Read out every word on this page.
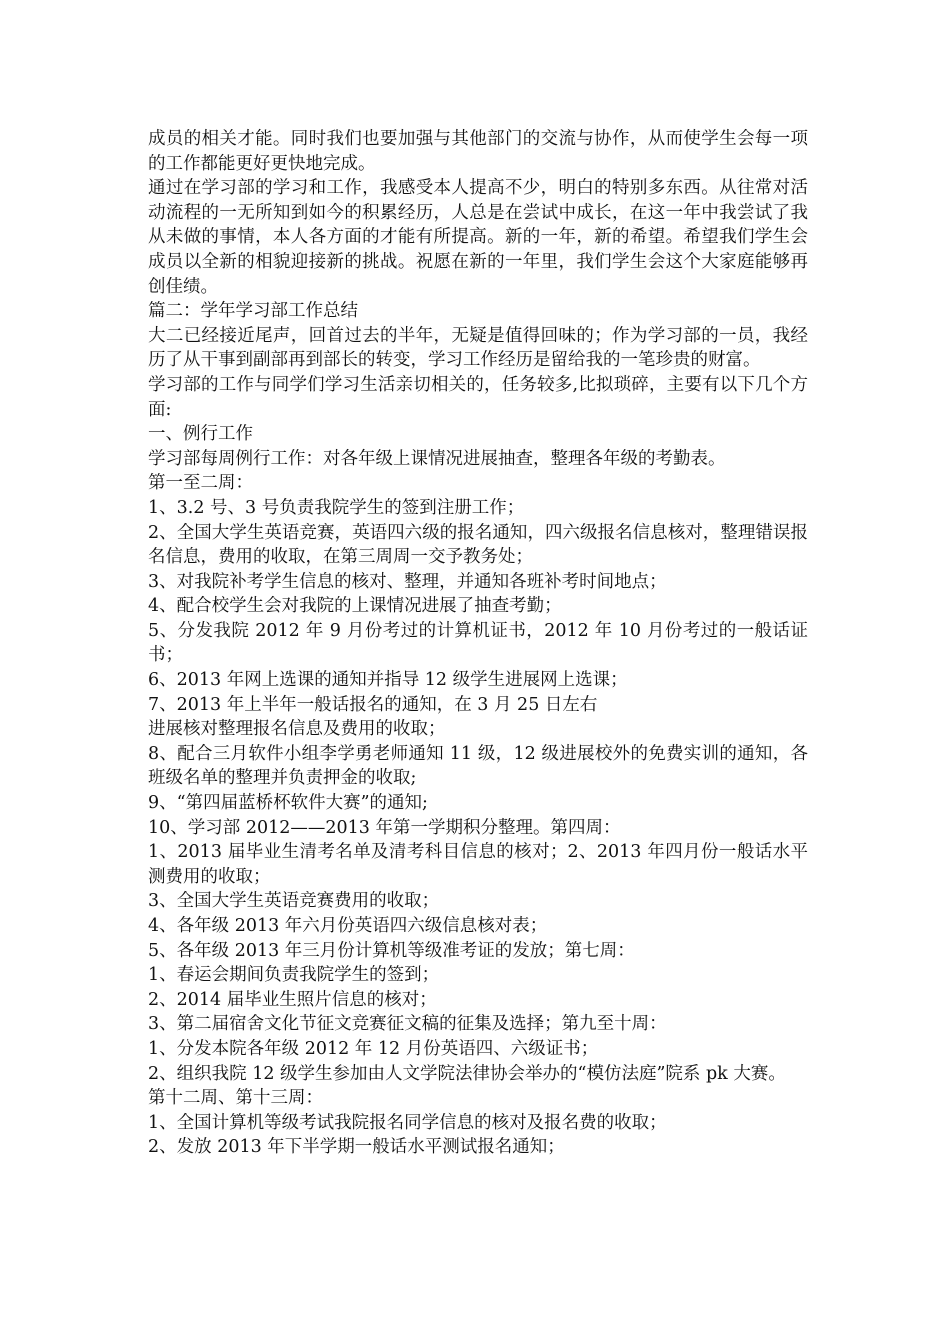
成员的相关才能。同时我们也要加强与其他部门的交流与协作，从而使学生会每一项的工作都能更好更快地完成。

通过在学习部的学习和工作，我感受本人提高不少，明白的特别多东西。从往常对活动流程的一无所知到如今的积累经历，人总是在尝试中成长，在这一年中我尝试了我从未做的事情，本人各方面的才能有所提高。新的一年，新的希望。希望我们学生会成员以全新的相貌迎接新的挑战。祝愿在新的一年里，我们学生会这个大家庭能够再创佳绩。

篇二：学年学习部工作总结

大二已经接近尾声，回首过去的半年，无疑是值得回味的；作为学习部的一员，我经历了从干事到副部再到部长的转变，学习工作经历是留给我的一笔珍贵的财富。

学习部的工作与同学们学习生活亲切相关的，任务较多,比拟琐碎，主要有以下几个方面:

一、例行工作

学习部每周例行工作：对各年级上课情况进展抽查，整理各年级的考勤表。

第一至二周：

1、3.2 号、3 号负责我院学生的签到注册工作；

2、全国大学生英语竞赛，英语四六级的报名通知，四六级报名信息核对，整理错误报名信息，费用的收取，在第三周周一交予教务处；

3、对我院补考学生信息的核对、整理，并通知各班补考时间地点；

4、配合校学生会对我院的上课情况进展了抽查考勤；

5、分发我院 2012 年 9 月份考过的计算机证书，2012 年 10 月份考过的一般话证书；

6、2013 年网上选课的通知并指导 12 级学生进展网上选课；

7、2013 年上半年一般话报名的通知，在 3 月 25 日左右

进展核对整理报名信息及费用的收取；

8、配合三月软件小组李学勇老师通知 11 级，12 级进展校外的免费实训的通知，各班级名单的整理并负责押金的收取;

9、“第四届蓝桥杯软件大赛”的通知;

10、学习部 2012——2013 年第一学期积分整理。第四周：

1、2013 届毕业生清考名单及清考科目信息的核对；2、2013 年四月份一般话水平测费用的收取；

3、全国大学生英语竞赛费用的收取；

4、各年级 2013 年六月份英语四六级信息核对表；

5、各年级 2013 年三月份计算机等级准考证的发放；第七周：

1、春运会期间负责我院学生的签到；

2、2014 届毕业生照片信息的核对；

3、第二届宿舍文化节征文竞赛征文稿的征集及选择；第九至十周：

1、分发本院各年级 2012 年 12 月份英语四、六级证书；

2、组织我院 12 级学生参加由人文学院法律协会举办的“模仿法庭”院系 pk 大赛。

第十二周、第十三周：

1、全国计算机等级考试我院报名同学信息的核对及报名费的收取；

2、发放 2013 年下半学期一般话水平测试报名通知；
